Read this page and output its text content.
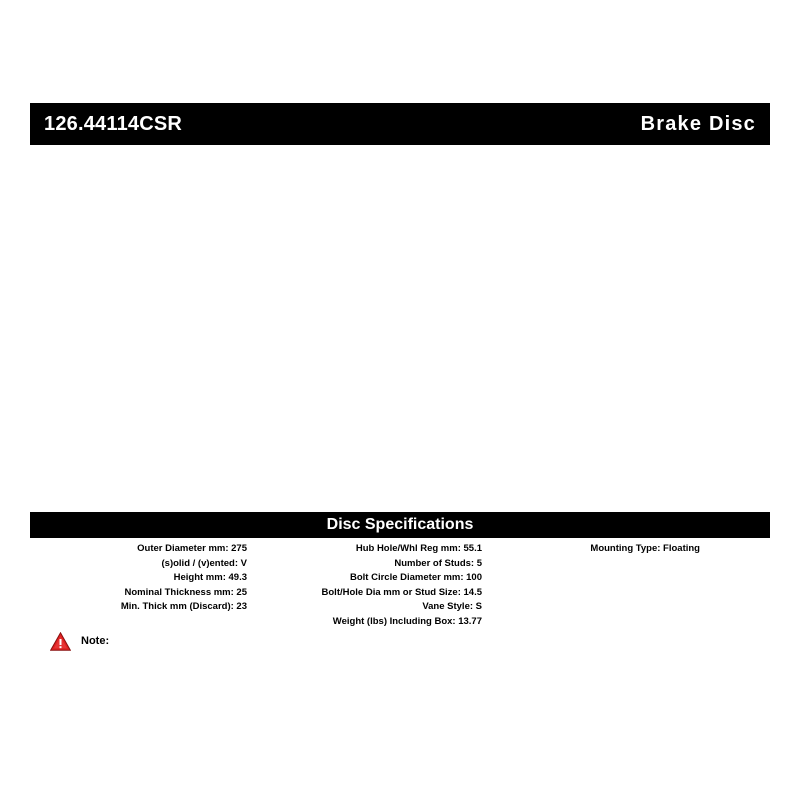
126.44114CSR	Brake Disc
Disc Specifications
Outer Diameter mm: 275
(s)olid / (v)ented: V
Height mm: 49.3
Nominal Thickness mm: 25
Min. Thick mm (Discard): 23
Hub Hole/Whl Reg mm: 55.1
Number of Studs: 5
Bolt Circle Diameter mm: 100
Bolt/Hole Dia mm or Stud Size: 14.5
Vane Style: S
Weight (lbs) Including Box: 13.77
Mounting Type: Floating
Note:
